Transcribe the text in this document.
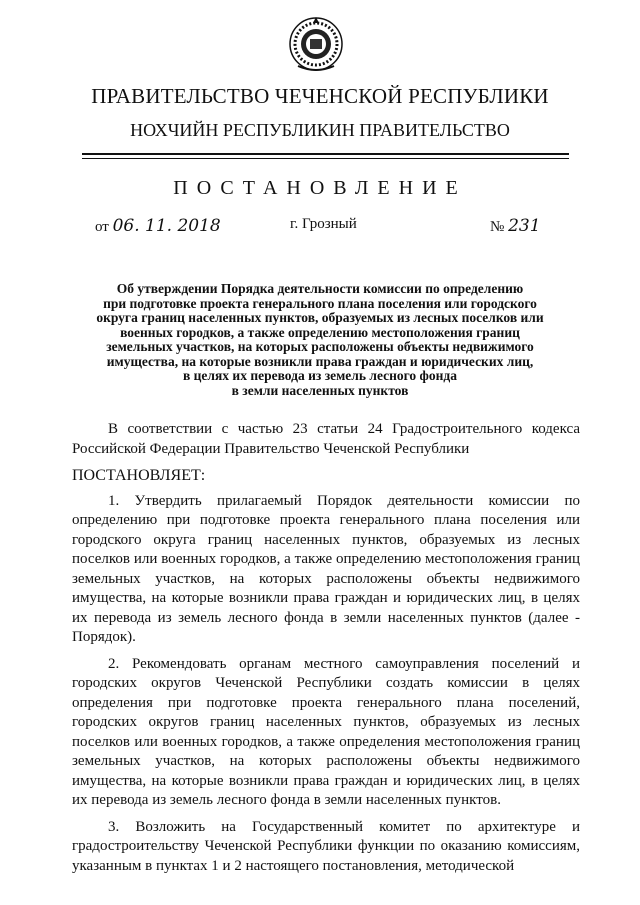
ПРАВИТЕЛЬСТВО ЧЕЧЕНСКОЙ РЕСПУБЛИКИ
НОХЧИЙН РЕСПУБЛИКИН ПРАВИТЕЛЬСТВО
ПОСТАНОВЛЕНИЕ
от 06. 11. 2018	г. Грозный	№ 231
Об утверждении Порядка деятельности комиссии по определению
при подготовке проекта генерального плана поселения или городского
округа границ населенных пунктов, образуемых из лесных поселков или
военных городков, а также определению местоположения границ
земельных участков, на которых расположены объекты недвижимого
имущества, на которые возникли права граждан и юридических лиц,
в целях их перевода из земель лесного фонда
в земли населенных пунктов

В соответствии с частью 23 статьи 24 Градостроительного кодекса Российской Федерации Правительство Чеченской Республики

ПОСТАНОВЛЯЕТ:

1. Утвердить прилагаемый Порядок деятельности комиссии по определению при подготовке проекта генерального плана поселения или городского округа границ населенных пунктов, образуемых из лесных поселков или военных городков, а также определению местоположения границ земельных участков, на которых расположены объекты недвижимого имущества, на которые возникли права граждан и юридических лиц, в целях их перевода из земель лесного фонда в земли населенных пунктов (далее - Порядок).

2. Рекомендовать органам местного самоуправления поселений и городских округов Чеченской Республики создать комиссии в целях определения при подготовке проекта генерального плана поселений, городских округов границ населенных пунктов, образуемых из лесных поселков или военных городков, а также определения местоположения границ земельных участков, на которых расположены объекты недвижимого имущества, на которые возникли права граждан и юридических лиц, в целях их перевода из земель лесного фонда в земли населенных пунктов.

3. Возложить на Государственный комитет по архитектуре и градостроительству Чеченской Республики функции по оказанию комиссиям, указанным в пунктах 1 и 2 настоящего постановления, методической
